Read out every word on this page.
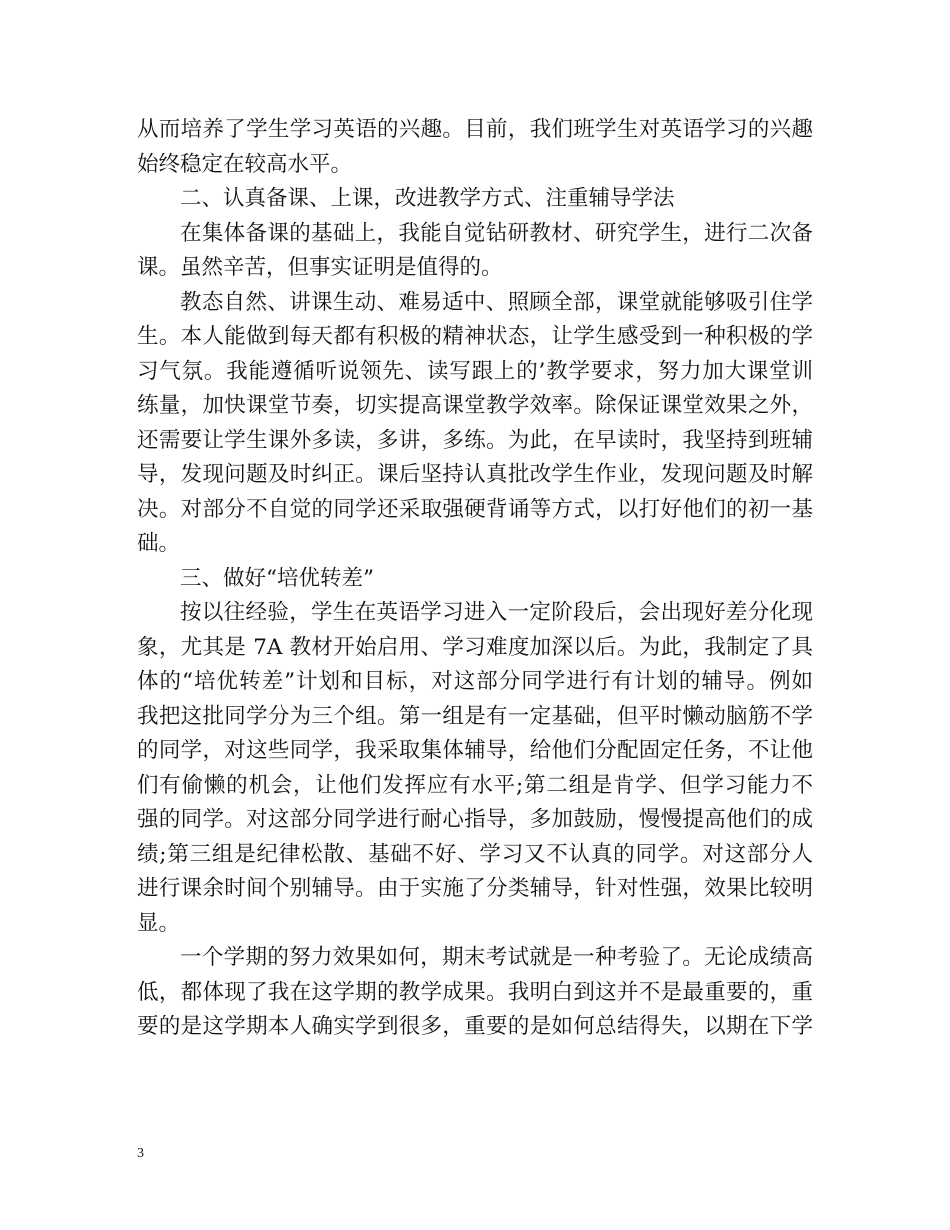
从而培养了学生学习英语的兴趣。目前，我们班学生对英语学习的兴趣
始终稳定在较高水平。
二、认真备课、上课，改进教学方式、注重辅导学法
在集体备课的基础上，我能自觉钻研教材、研究学生，进行二次备
课。虽然辛苦，但事实证明是值得的。
教态自然、讲课生动、难易适中、照顾全部，课堂就能够吸引住学
生。本人能做到每天都有积极的精神状态，让学生感受到一种积极的学
习气氛。我能遵循听说领先、读写跟上的’教学要求，努力加大课堂训
练量，加快课堂节奏，切实提高课堂教学效率。除保证课堂效果之外，
还需要让学生课外多读，多讲，多练。为此，在早读时，我坚持到班辅
导，发现问题及时纠正。课后坚持认真批改学生作业，发现问题及时解
决。对部分不自觉的同学还采取强硬背诵等方式，以打好他们的初一基
础。
三、做好“培优转差”
按以往经验，学生在英语学习进入一定阶段后，会出现好差分化现
象，尤其是 7A 教材开始启用、学习难度加深以后。为此，我制定了具
体的“培优转差”计划和目标，对这部分同学进行有计划的辅导。例如
我把这批同学分为三个组。第一组是有一定基础，但平时懒动脑筋不学
的同学，对这些同学，我采取集体辅导，给他们分配固定任务，不让他
们有偷懒的机会，让他们发挥应有水平;第二组是肯学、但学习能力不
强的同学。对这部分同学进行耐心指导，多加鼓励，慢慢提高他们的成
绩;第三组是纪律松散、基础不好、学习又不认真的同学。对这部分人
进行课余时间个别辅导。由于实施了分类辅导，针对性强，效果比较明
显。
一个学期的努力效果如何，期末考试就是一种考验了。无论成绩高
低，都体现了我在这学期的教学成果。我明白到这并不是最重要的，重
要的是这学期本人确实学到很多，重要的是如何总结得失，以期在下学
3
